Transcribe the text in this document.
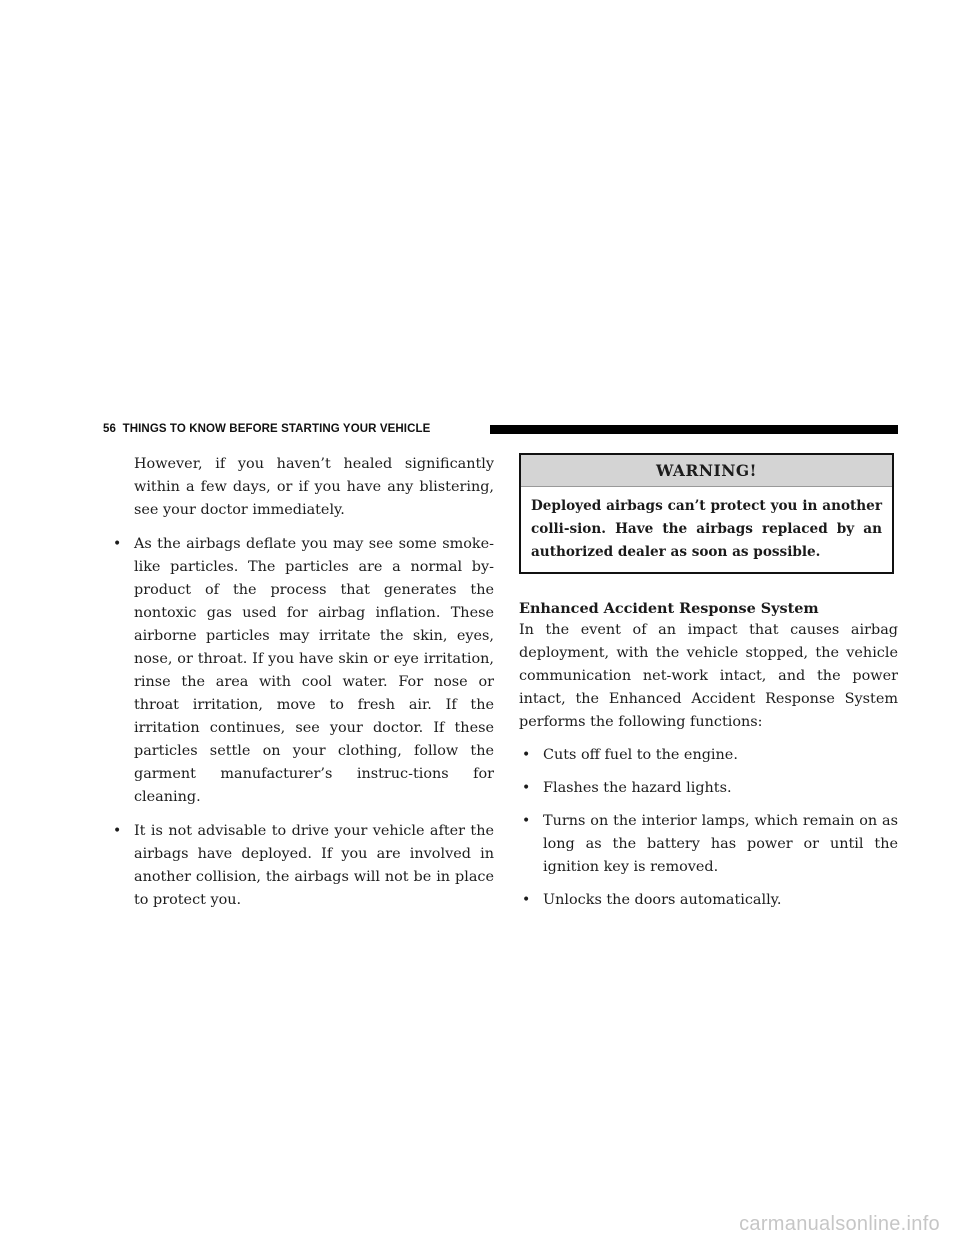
56 THINGS TO KNOW BEFORE STARTING YOUR VEHICLE

However, if you haven’t healed significantly within a few days, or if you have any blistering, see your doctor immediately.

• As the airbags deflate you may see some smoke-like particles. The particles are a normal by-product of the process that generates the nontoxic gas used for airbag inflation. These airborne particles may irritate the skin, eyes, nose, or throat. If you have skin or eye irritation, rinse the area with cool water. For nose or throat irritation, move to fresh air. If the irritation continues, see your doctor. If these particles settle on your clothing, follow the garment manufacturer’s instruc-tions for cleaning.
• It is not advisable to drive your vehicle after the airbags have deployed. If you are involved in another collision, the airbags will not be in place to protect you.
WARNING!
Deployed airbags can’t protect you in another colli-sion. Have the airbags replaced by an authorized dealer as soon as possible.
Enhanced Accident Response System

In the event of an impact that causes airbag deployment, with the vehicle stopped, the vehicle communication net-work intact, and the power intact, the Enhanced Accident Response System performs the following functions:

• Cuts off fuel to the engine.
• Flashes the hazard lights.
• Turns on the interior lamps, which remain on as long as the battery has power or until the ignition key is removed.
• Unlocks the doors automatically.
carmanualsonline.info
